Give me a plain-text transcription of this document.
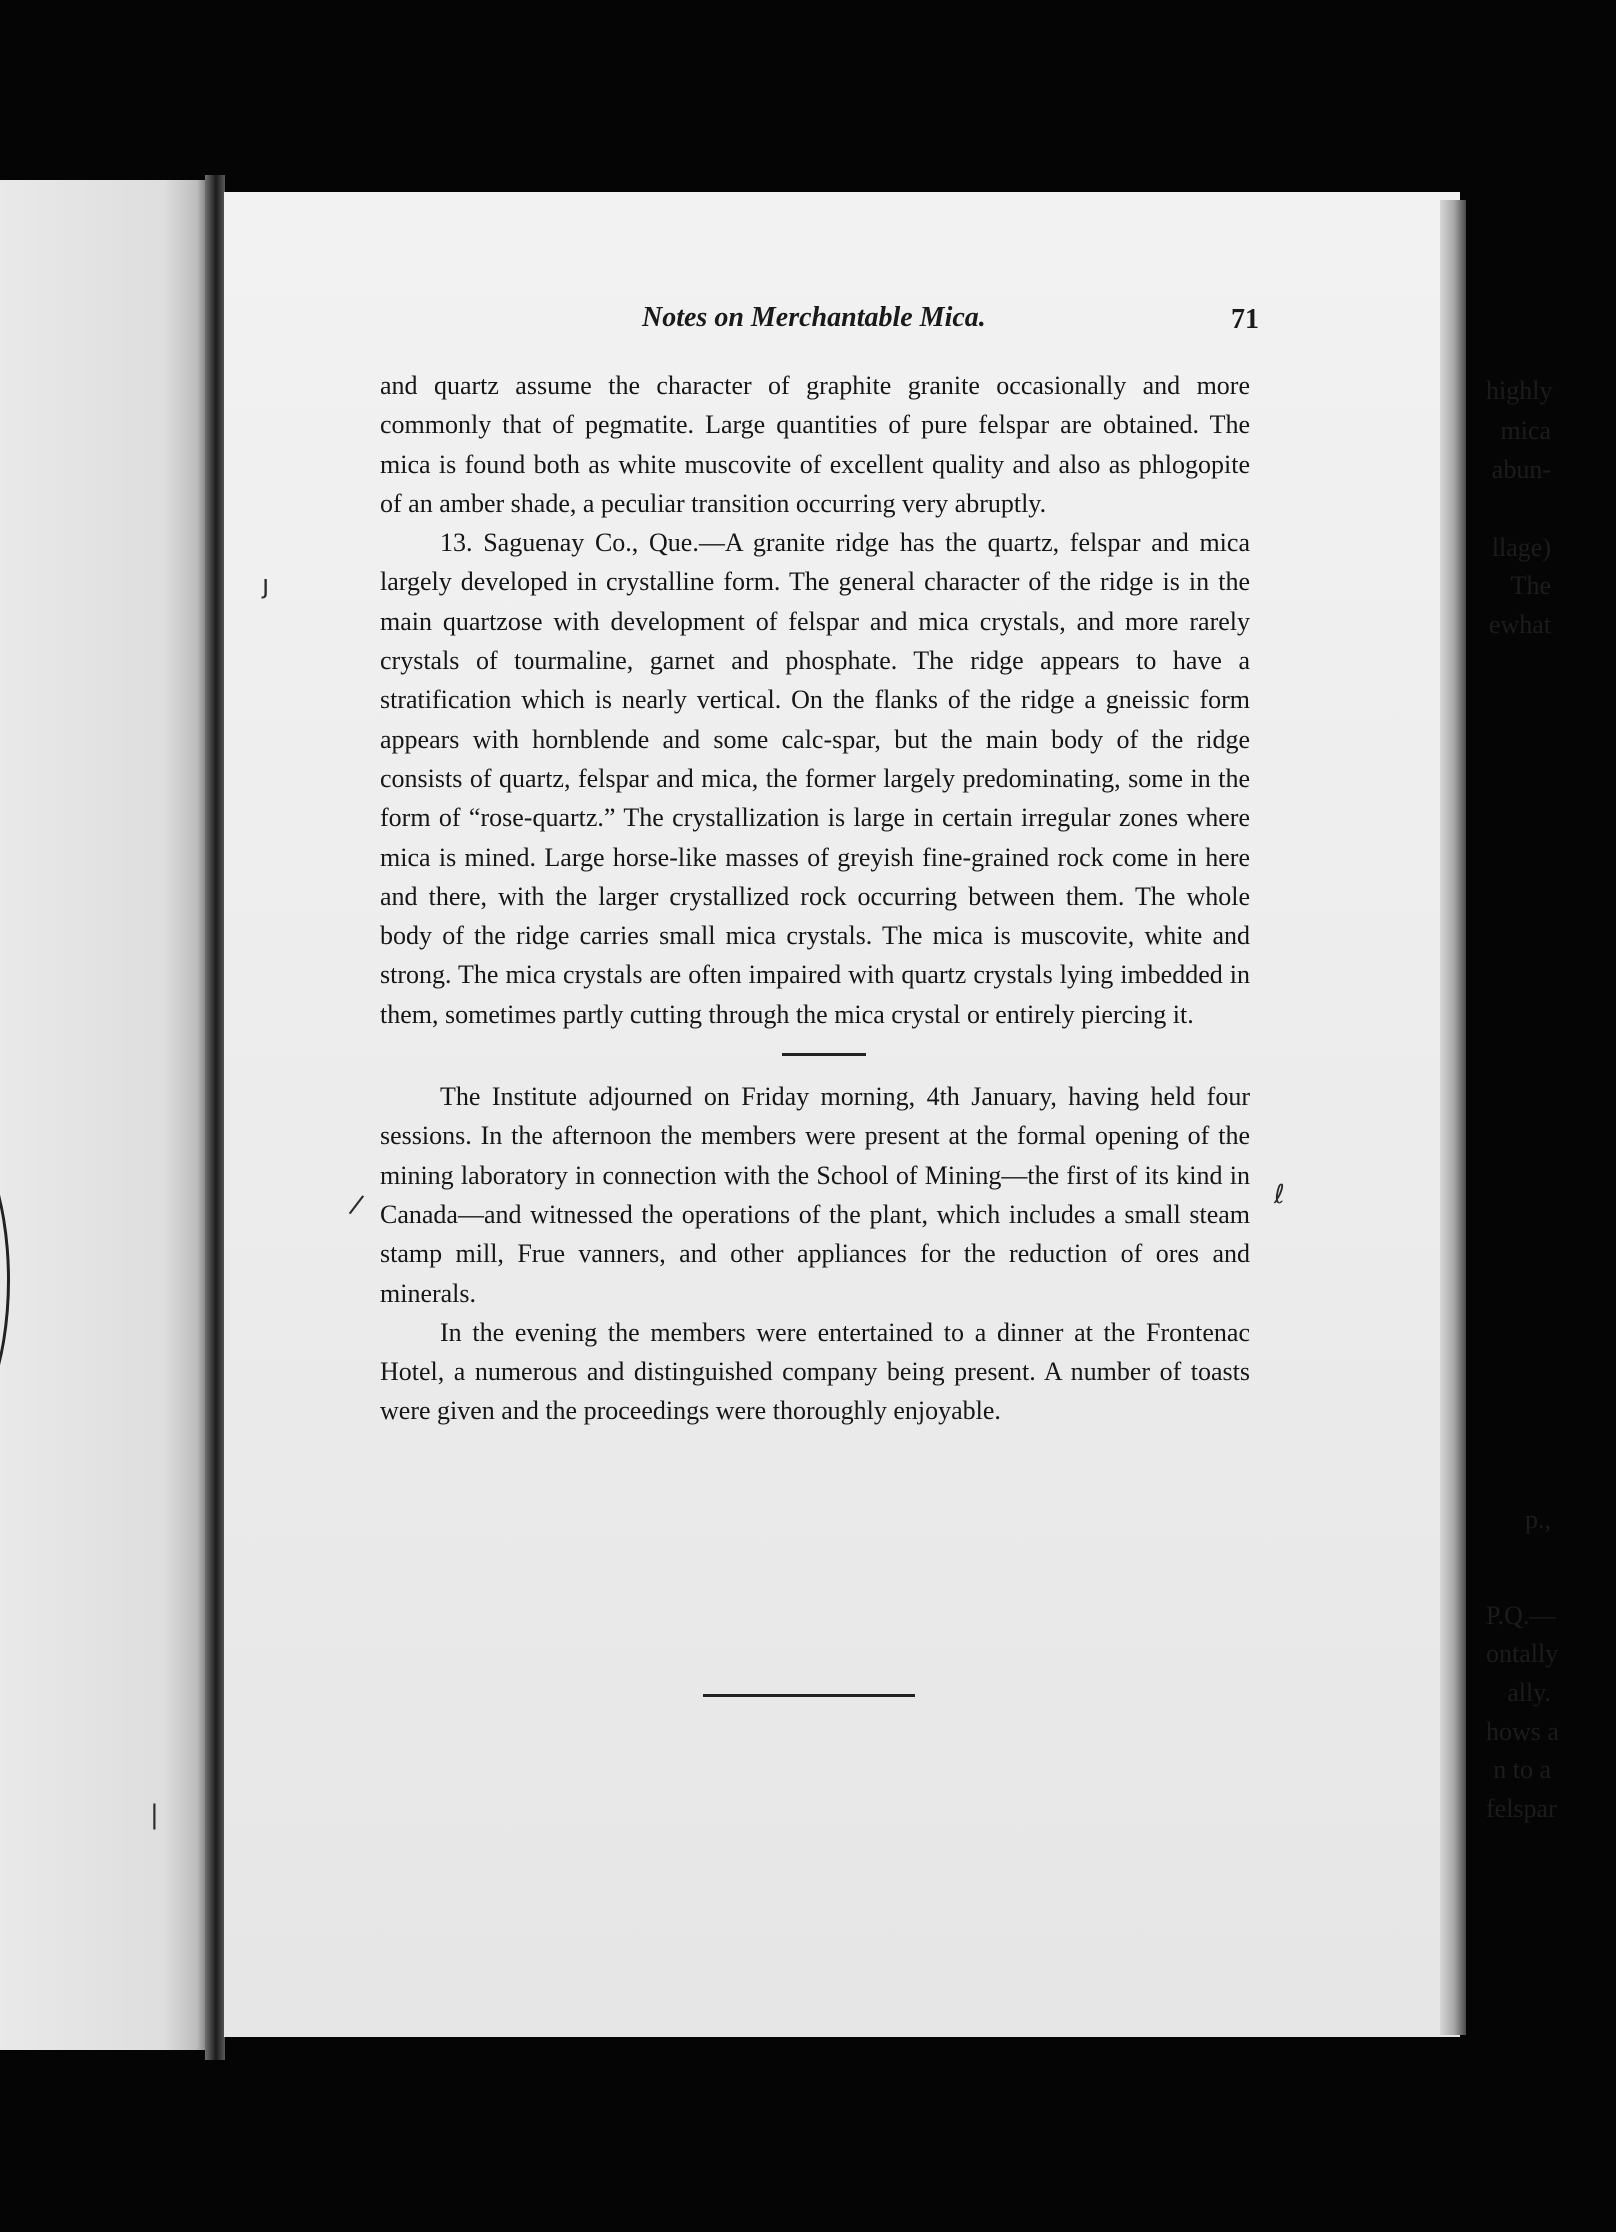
highly
mica
abun-
llage)
The
ewhat
p.,
P.Q.—
ontally
ally.
hows a
n to a
felspar
Notes on Merchantable Mica.	71

and quartz assume the character of graphite granite occasionally and more commonly that of pegmatite. Large quantities of pure felspar are obtained. The mica is found both as white muscovite of excellent quality and also as phlogopite of an amber shade, a peculiar transition occurring very abruptly.

13. Saguenay Co., Que.—A granite ridge has the quartz, felspar and mica largely developed in crystalline form. The general character of the ridge is in the main quartzose with development of felspar and mica crystals, and more rarely crystals of tourmaline, garnet and phosphate. The ridge appears to have a stratification which is nearly vertical. On the flanks of the ridge a gneissic form appears with hornblende and some calc-spar, but the main body of the ridge consists of quartz, felspar and mica, the former largely predominating, some in the form of “rose-quartz.” The crystallization is large in certain irregular zones where mica is mined. Large horse-like masses of greyish fine-grained rock come in here and there, with the larger crystallized rock occurring between them. The whole body of the ridge carries small mica crystals. The mica is muscovite, white and strong. The mica crystals are often impaired with quartz crystals lying imbedded in them, sometimes partly cutting through the mica crystal or entirely piercing it.

The Institute adjourned on Friday morning, 4th January, having held four sessions. In the afternoon the members were present at the formal opening of the mining laboratory in connection with the School of Mining—the first of its kind in Canada—and witnessed the operations of the plant, which includes a small steam stamp mill, Frue vanners, and other appliances for the reduction of ores and minerals.

In the evening the members were entertained to a dinner at the Frontenac Hotel, a numerous and distinguished company being present. A number of toasts were given and the proceedings were thoroughly enjoyable.

ȷ
/	ℓ
|
